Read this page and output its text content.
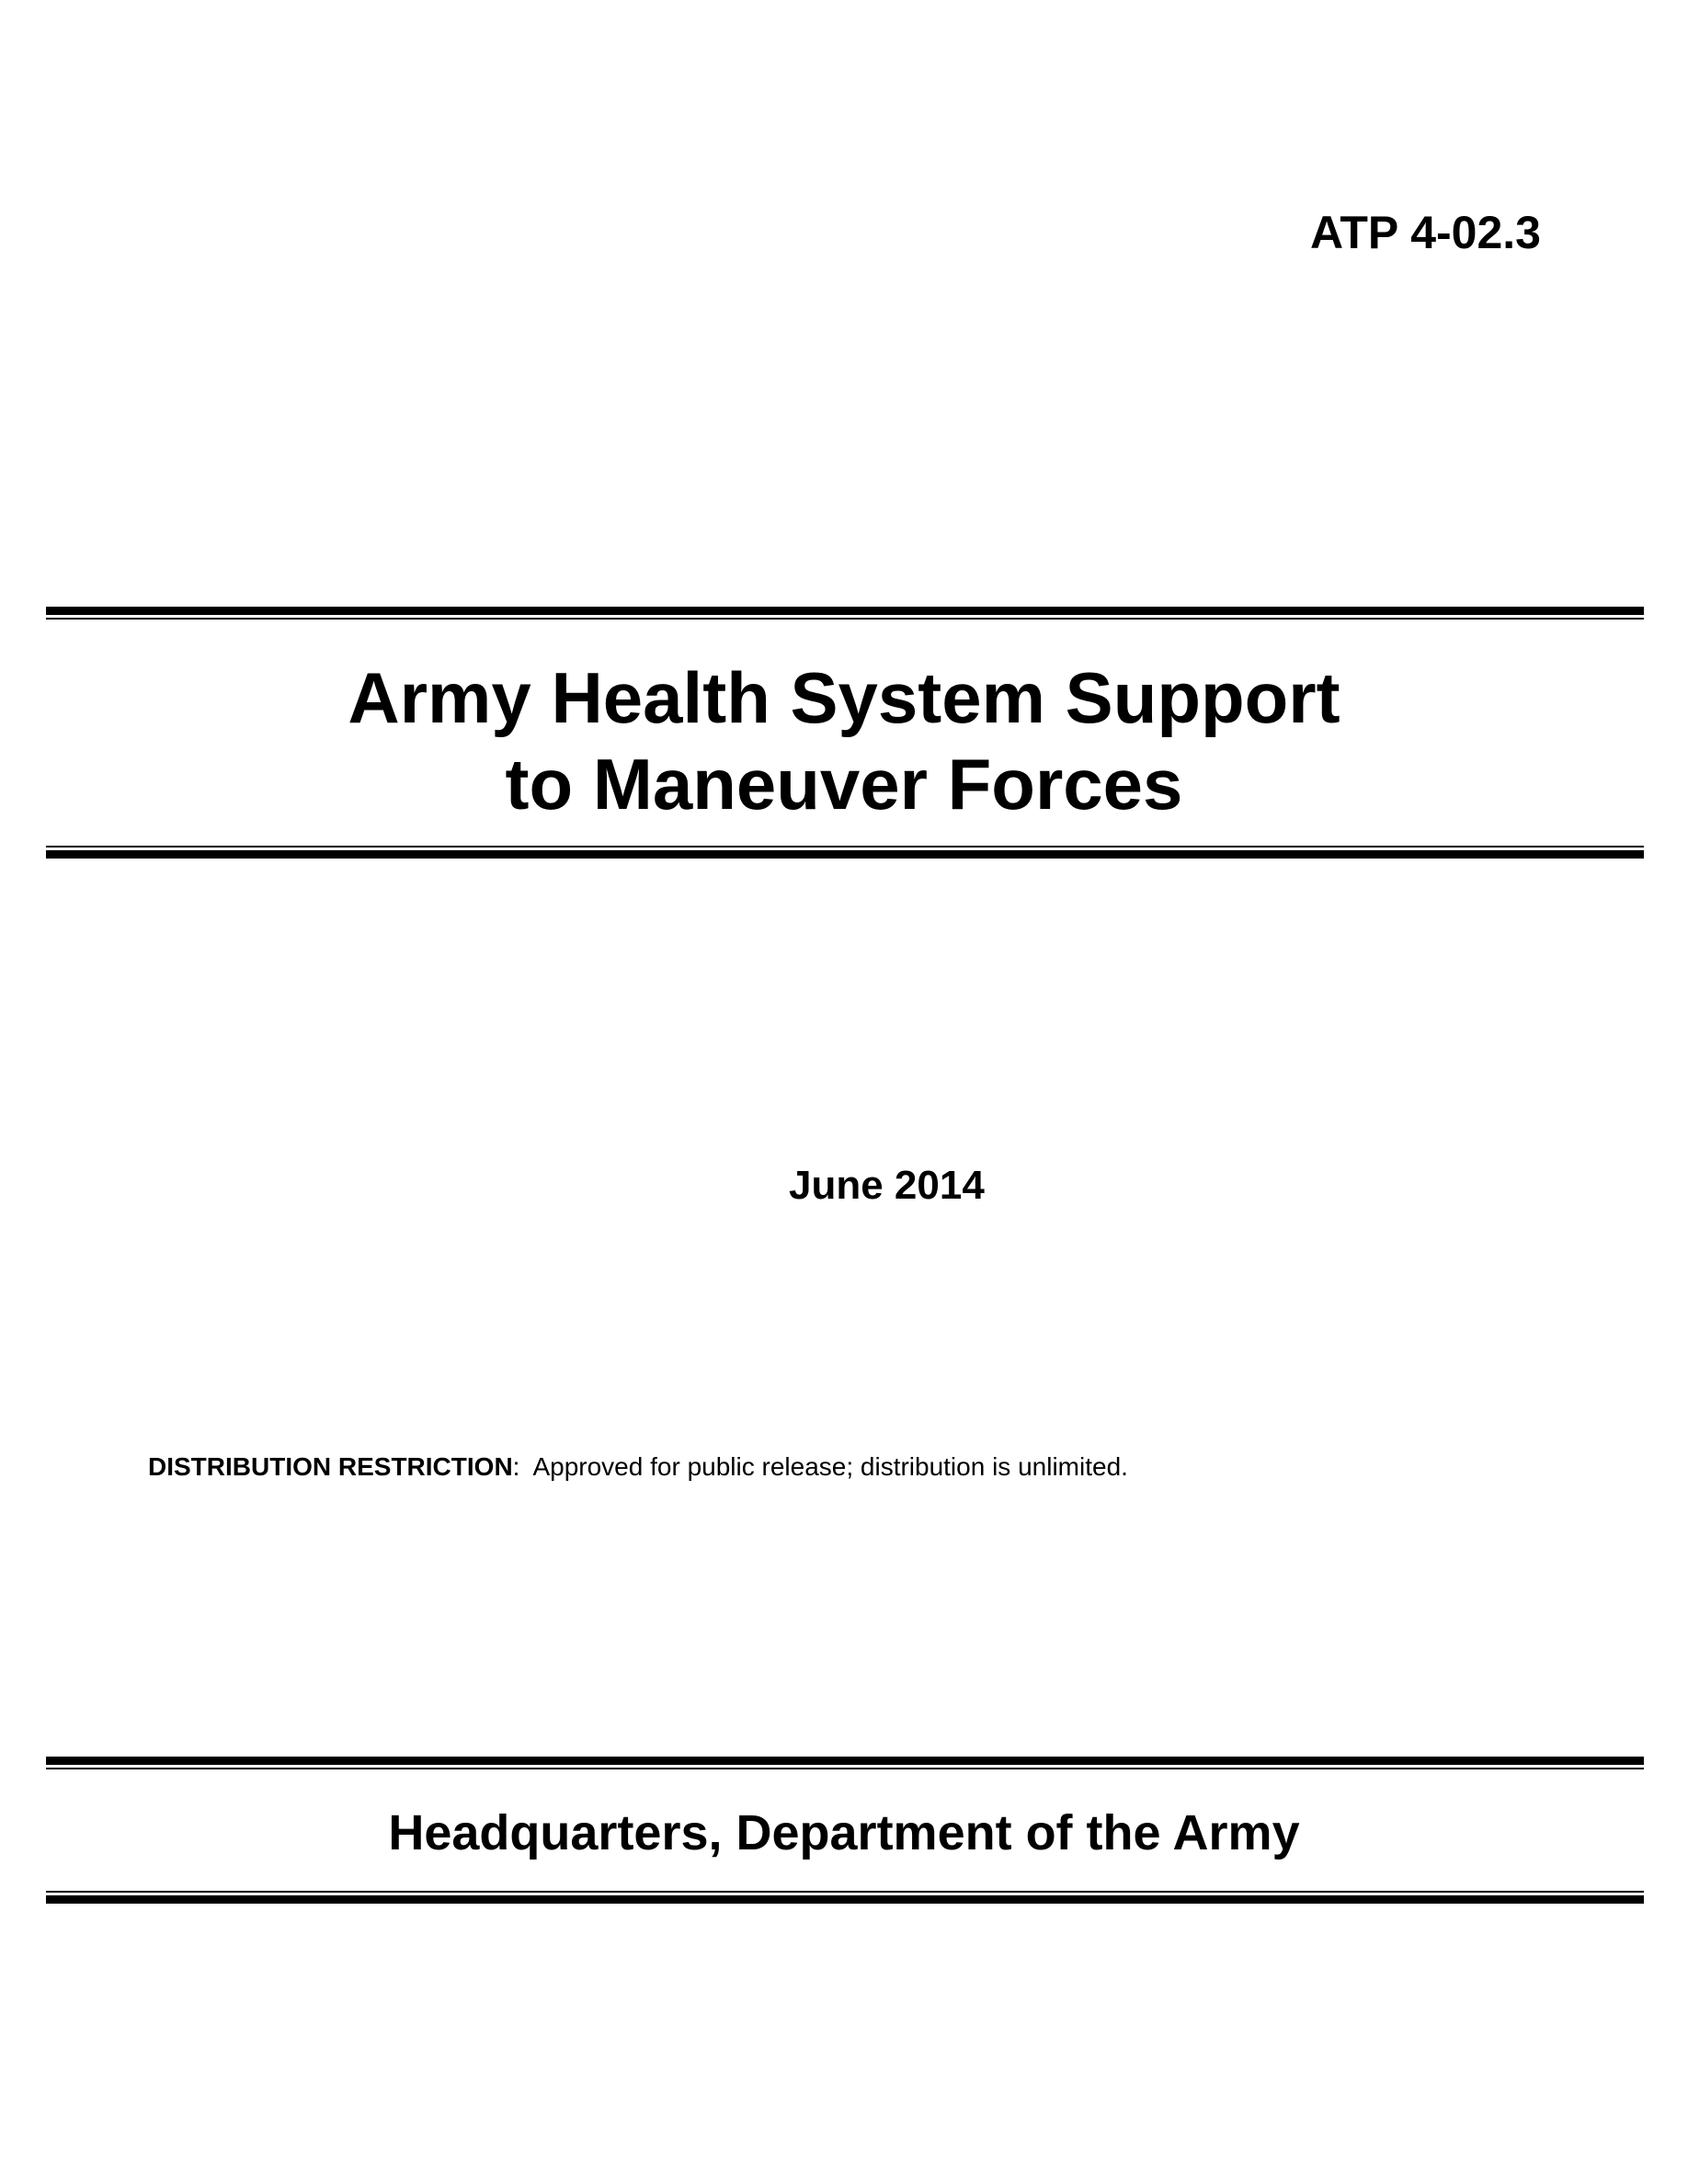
ATP 4-02.3
Army Health System Support
to Maneuver Forces
June 2014
DISTRIBUTION RESTRICTION: Approved for public release; distribution is unlimited.
Headquarters, Department of the Army
